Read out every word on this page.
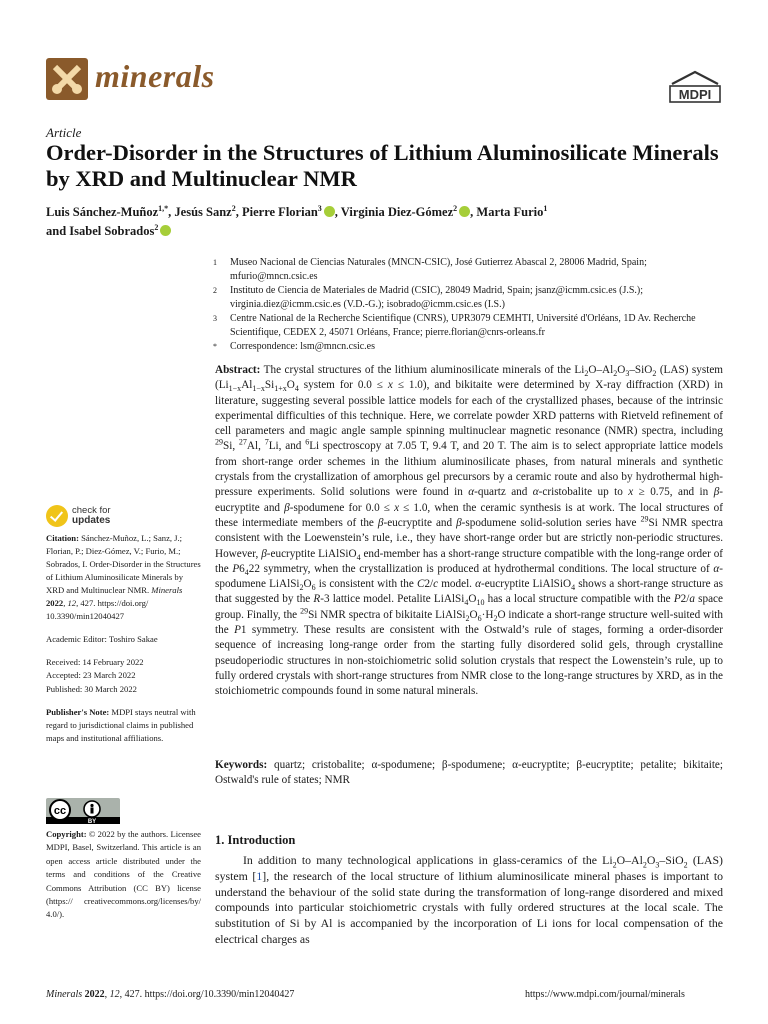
minerals
MDPI
Article
Order-Disorder in the Structures of Lithium Aluminosilicate Minerals by XRD and Multinuclear NMR
Luis Sánchez-Muñoz$^{1,*}$, Jesús Sanz$^2$, Pierre Florian$^3$ , Virginia Diez-Gómez$^2$ , Marta Furio$^1$
and Isabel Sobrados$^2$
1	Museo Nacional de Ciencias Naturales (MNCN-CSIC), José Gutierrez Abascal 2, 28006 Madrid, Spain; mfurio@mncn.csic.es
2	Instituto de Ciencia de Materiales de Madrid (CSIC), 28049 Madrid, Spain; jsanz@icmm.csic.es (J.S.); virginia.diez@icmm.csic.es (V.D.-G.); isobrado@icmm.csic.es (I.S.)
3	Centre National de la Recherche Scientifique (CNRS), UPR3079 CEMHTI, Université d'Orléans, 1D Av. Recherche Scientifique, CEDEX 2, 45071 Orléans, France; pierre.florian@cnrs-orleans.fr
*	Correspondence: lsm@mncn.csic.es
Abstract: The crystal structures of the lithium aluminosilicate minerals of the $Li_2O-Al_2O_3-SiO_2$ (LAS) system ($Li_{1-x}Al_{1-x}Si_{1+x}O_4$ system for 0.0 ≤ x ≤ 1.0), and bikitaite were determined by X-ray diffraction (XRD) in literature, suggesting several possible lattice models for each of the crystallized phases, because of the intrinsic experimental difficulties of this technique. Here, we correlate powder XRD patterns with Rietveld refinement of cell parameters and magic angle sample spinning multinuclear magnetic resonance (NMR) spectra, including $^{29}$Si, $^{27}$Al, $^7$Li, and $^6$Li spectroscopy at 7.05 T, 9.4 T, and 20 T. The aim is to select appropriate lattice models from short-range order schemes in the lithium aluminosilicate phases, from natural minerals and synthetic crystals from the crystallization of amorphous gel precursors by a ceramic route and also by hydrothermal high-pressure experiments. Solid solutions were found in α-quartz and α-cristobalite up to x ≥ 0.75, and in β-eucryptite and β-spodumene for 0.0 ≤ x ≤ 1.0, when the ceramic synthesis is at work. The local structures of these intermediate members of the β-eucryptite and β-spodumene solid-solution series have $^{29}$Si NMR spectra consistent with the Loewenstein’s rule, i.e., they have short-range order but are strictly non-periodic structures. However, β-eucryptite LiAlSiO$_4$ end-member has a short-range structure compatible with the long-range order of the $P6_422$ symmetry, when the crystallization is produced at hydrothermal conditions. The local structure of α-spodumene $LiAlSi_2O_6$ is consistent with the C2/c model. α-eucryptite LiAlSiO$_4$ shows a short-range structure as that suggested by the R-3 lattice model. Petalite $LiAlSi_4O_{10}$ has a local structure compatible with the P2/a space group. Finally, the $^{29}$Si NMR spectra of bikitaite $LiAlSi_2O_6\cdot H_2O$ indicate a short-range structure well-suited with the P1 symmetry. These results are consistent with the Ostwald’s rule of stages, forming a order-disorder sequence of increasing long-range order from the starting fully disordered solid gels, through crystalline pseudoperiodic structures in non-stoichiometric solid solution crystals that respect the Lowenstein’s rule, up to fully ordered crystals with short-range structures from NMR close to the long-range structures by XRD, as in the stoichiometric compounds found in some natural minerals.
Keywords: quartz; cristobalite; α-spodumene; β-spodumene; α-eucryptite; β-eucryptite; petalite; bikitaite; Ostwald's rule of states; NMR
check for
updates

Citation: Sánchez-Muñoz, L.; Sanz, J.; Florian, P.; Diez-Gómez, V.; Furio, M.; Sobrados, I. Order-Disorder in the Structures of Lithium Aluminosilicate Minerals by XRD and Multinuclear NMR. Minerals 2022, 12, 427. https://doi.org/ 10.3390/min12040427

Academic Editor: Toshiro Sakae

Received: 14 February 2022
Accepted: 23 March 2022
Published: 30 March 2022

Publisher's Note: MDPI stays neutral with regard to jurisdictional claims in published maps and institutional affiliations.

cc
BY
Copyright: © 2022 by the authors. Licensee MDPI, Basel, Switzerland. This article is an open access article distributed under the terms and conditions of the Creative Commons Attribution (CC BY) license (https:// creativecommons.org/licenses/by/ 4.0/).
1. Introduction
In addition to many technological applications in glass-ceramics of the $Li_2O-Al_2O_3-SiO_2$ (LAS) system [1], the research of the local structure of lithium aluminosilicate mineral phases is important to understand the behaviour of the solid state during the transformation of long-range disordered and mixed compounds into particular stoichiometric crystals with fully ordered structures at the local scale. The substitution of Si by Al is accompanied by the incorporation of Li ions for local compensation of the electrical charges as
Minerals 2022, 12, 427. https://doi.org/10.3390/min12040427	https://www.mdpi.com/journal/minerals
